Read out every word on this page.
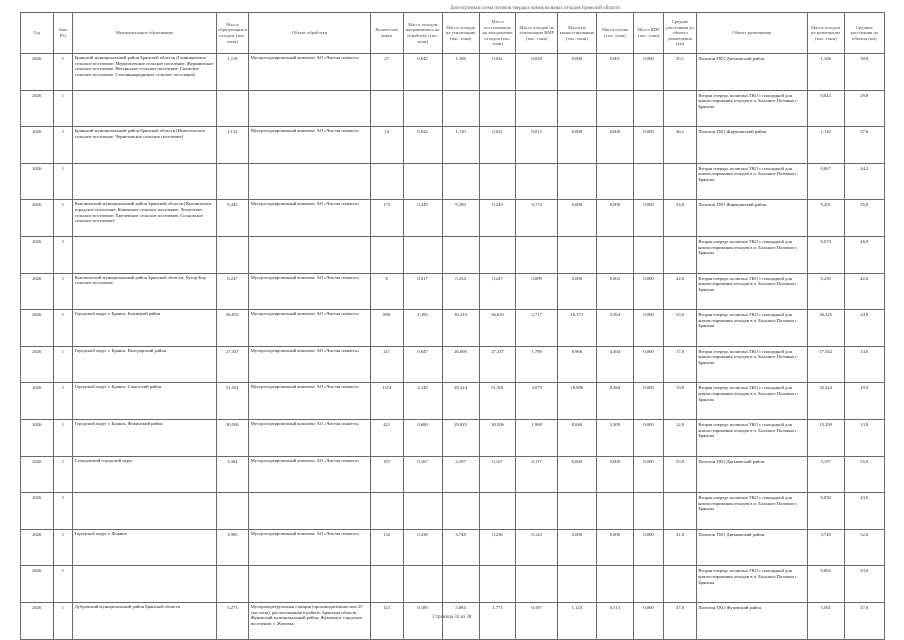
Долгосрочная схема потоков твердых коммунальных отходов Брянской области
Год	Зона РО	Муниципальное образование	Масса образующихся отходов (тыс. тонн)	Объект обработки	Количество ячеек	Масса отходов направляемых на обработку (тыс. тонн)	Масса отходов на утилизацию (тыс. тонн)	Масса поступающих на захоронение отходов (тыс. тонн)	Масса отходов на утилизацию ВМР (тыс. тонн)	Масса на компостирование (тыс. тонн)	Масса отсева (тыс. тонн)	Масса RDF (тыс. тонн)	Средние расстояния до объекта размещения (км)	Объект размещения	Масса отходов на размещение (тыс. тонн)	Средние расстояния до объекта (км)
2026	1	Брянский муниципальный район Брянской области (Глинищевское сельское поселение, Меркульевское сельское поселение, Журиничское сельское поселение, Нетьинское сельское поселение, Снежское сельское поселение, Стекляннорадицкое сельское поселение)	1,110	Мусоросортировочный комплекс АО «Чистая планета»	27	0,042	1,106	0,042	0,020	0,000	0,001	0,000	45,1	Полигон ТКО Дятьковский район	1,106	30,8
2026	1													Вторая очередь полигона ТКО с площадкой для компостирования отходов в п. Большое Полпино г. Брянска	0,043	29,8
2026	1	Брянский муниципальный район Брянской области (Новосельское сельское поселение, Чернетовское сельское поселение)	1,132	Мусоросортировочный комплекс АО «Чистая планета»	14	0,022	1,110	0,022	0,013	0,000	0,000	0,000	46,1	Полигон ТКО Жирятинский район	1,110	37,6
2026	1													Вторая очередь полигона ТКО с площадкой для компостирования отходов в п. Большое Полпино г. Брянска	0,067	44,2
2026	1	Выгоничский муниципальный район Брянской области (Выгоничское городское поселение, Кокинское сельское поселение, Лопушское сельское поселение, Хмелевское сельское поселение, Сосновское сельское поселение)	9,445	Мусоросортировочный комплекс АО «Чистая планета»	175	0,249	9,200	0,249	0,174	0,000	0,000	0,000	34,0	Полигон ТКО Жирятинский район	9,201	55,8
2026	1													Вторая очередь полигона ТКО с площадкой для компостирования отходов в п. Большое Полпино г. Брянска	0,073	46,9
2026	1	Выгоничский муниципальный район Брянской области, Хутор-Бор сельское поселение	0,247	Мусоросортировочный комплекс АО «Чистая планета»	8	0,017	0,234	0,247	0,009	0,000	0,002	0,000	42,0	Вторая очередь полигона ТКО с площадкой для компостирования отходов в п. Большое Полпино г. Брянска	0,230	42,0
2026	1	Городской округ г. Брянск, Бежицкий район	36,635	Мусоросортировочный комплекс АО «Чистая планета»	890	1,392	35,243	36,635	2,717	16,371	5,564	0,000	23,0	Вторая очередь полигона ТКО с площадкой для компостирования отходов в п. Большое Полпино г. Брянска	36,325	24,8
2026	1	Городской округ г. Брянск, Володарский район	27,337	Мусоросортировочный комплекс АО «Чистая планета»	411	0,647	26,690	27,337	1,789	8,966	4,494	0,000	17,0	Вторая очередь полигона ТКО с площадкой для компостирования отходов в п. Большое Полпино г. Брянска	17,342	14,0
2026	1	Городской округ г. Брянск, Советский район	51,501	Мусоросортировочный комплекс АО «Чистая планета»	1372	2,149	49,324	51,501	3,070	18,806	8,484	0,000	19,0	Вторая очередь полигона ТКО с площадкой для компостирования отходов в п. Большое Полпино г. Брянска	32,324	19,0
2026	1	Городской округ г. Брянск, Фокинский район	30,506	Мусоросортировочный комплекс АО «Чистая планета»	421	0,680	29,825	30,506	1,968	8,846	5,309	0,000	12,0	Вторая очередь полигона ТКО с площадкой для компостирования отходов в п. Большое Полпино г. Брянска	15,299	13,0
2026	1	Сельцовский городской округ	3,364	Мусоросортировочный комплекс АО «Чистая планета»	107	0,167	3,197	0,167	0,117	0,000	0,000	0,000	55,0	Полигон ТКО Дятьковский район	3,197	55,0
2026	1													Вторая очередь полигона ТКО с площадкой для компостирования отходов в п. Большое Полпино г. Брянска	0,050	43,0
2026	1	Городской округ г. Фокино	3,985	Мусоросортировочный комплекс АО «Чистая планета»	132	0,236	3,748	0,236	0,143	0,000	0,000	0,000	41,0	Полигон ТКО Дятьковский район	3,748	32,0
2026	1													Вторая очередь полигона ТКО с площадкой для компостирования отходов в п. Большое Полпино г. Брянска	0,062	43,0
2026	1	Дубровский муниципальный район Брянской области	5,273	Мусороперегрузочная станция (производительностью 25 тыс.тонн), расположенная в районе: Брянская область, Жуковский муниципальный район, Жуковское городское поселение, г. Жуковка	121	0,189	5,084	1,773	0,187	1,125	0,513	0,000	47,0	Полигон ТКО Жуковский район	5,561	47,0
Страница 32 из 38
